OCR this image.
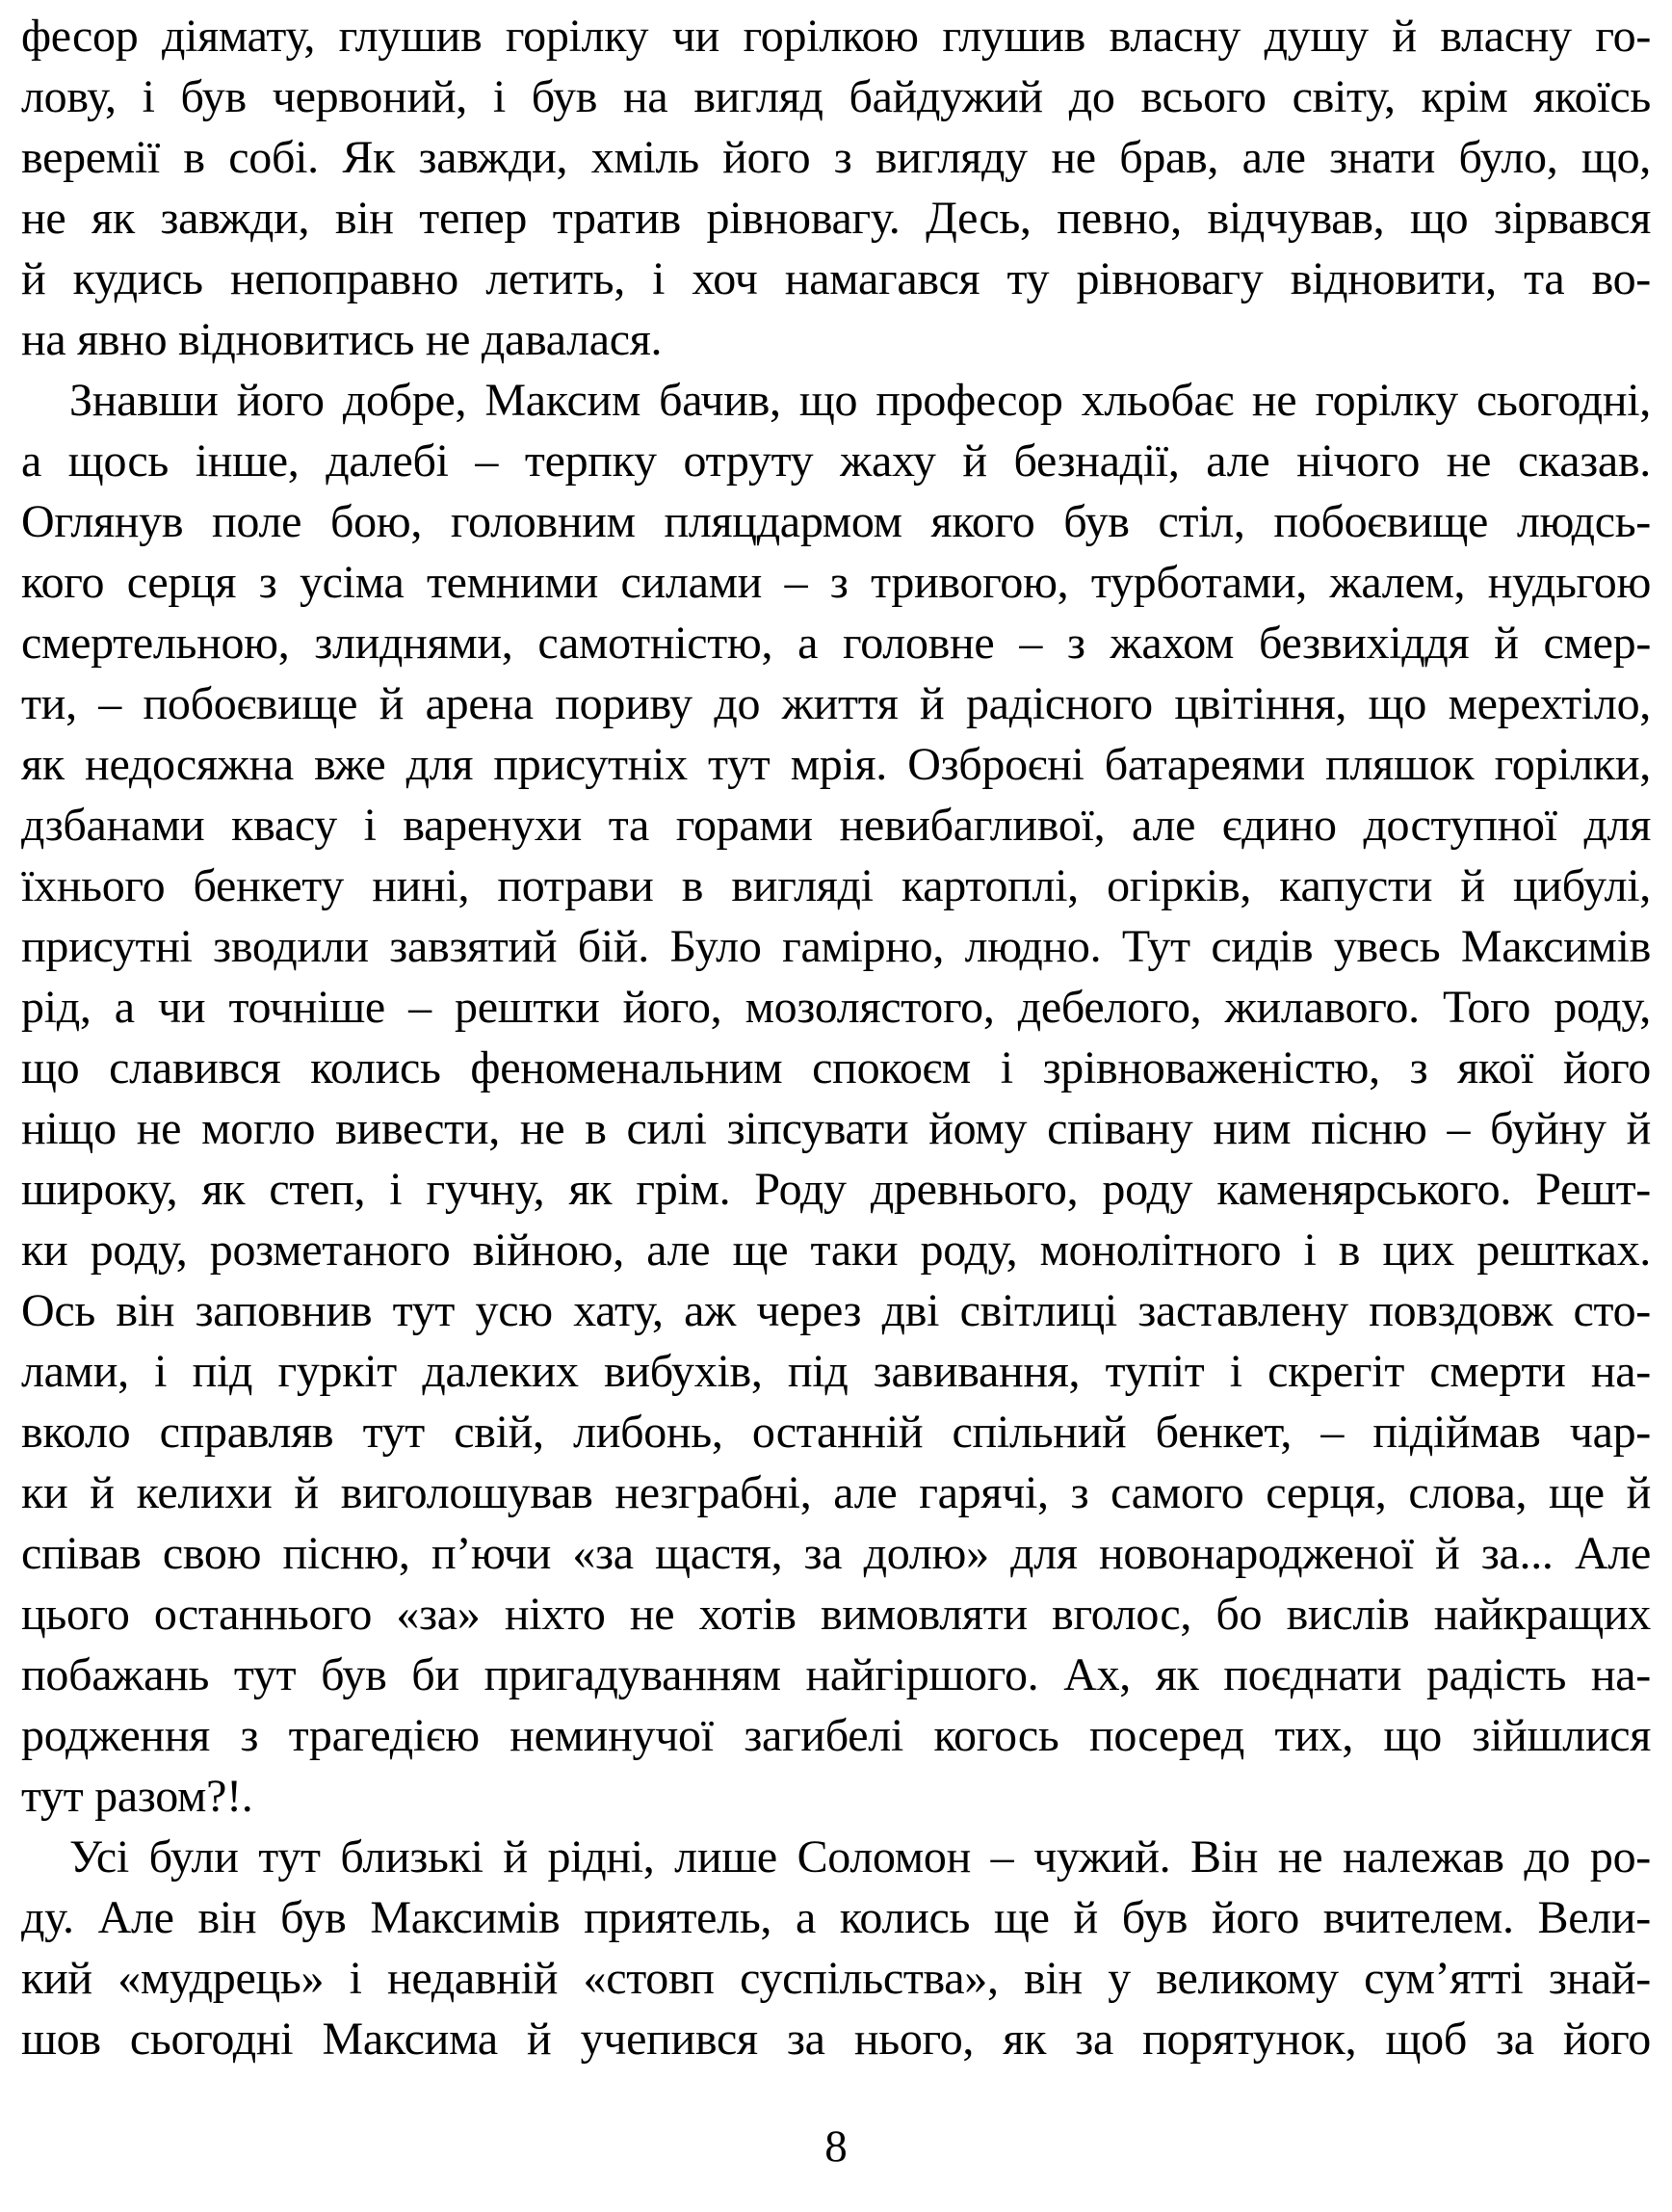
фесор діямату, глушив горілку чи горілкою глушив власну душу й власну го-
лову, і був червоний, і був на вигляд байдужий до всього світу, крім якоїсь
веремії в собі. Як завжди, хміль його з вигляду не брав, але знати було, що,
не як завжди, він тепер тратив рівновагу. Десь, певно, відчував, що зірвався
й кудись непоправно летить, і хоч намагався ту рівновагу відновити, та во-
на явно відновитись не давалася.

Знавши його добре, Максим бачив, що професор хльобає не горілку сьогодні,
а щось інше, далебі – терпку отруту жаху й безнадії, але нічого не сказав.
Оглянув поле бою, головним пляцдармом якого був стіл, побоєвище людсь-
кого серця з усіма темними силами – з тривогою, турботами, жалем, нудьгою
смертельною, злиднями, самотністю, а головне – з жахом безвихіддя й смер-
ти, – побоєвище й арена пориву до життя й радісного цвітіння, що мерехтіло,
як недосяжна вже для присутніх тут мрія. Озброєні батареями пляшок горілки,
дзбанами квасу і варенухи та горами невибагливої, але єдино доступної для
їхнього бенкету нині, потрави в вигляді картоплі, огірків, капусти й цибулі,
присутні зводили завзятий бій. Було гамірно, людно. Тут сидів увесь Максимів
рід, а чи точніше – рештки його, мозолястого, дебелого, жилавого. Того роду,
що славився колись феноменальним спокоєм і зрівноваженістю, з якої його
ніщо не могло вивести, не в силі зіпсувати йому співану ним пісню – буйну й
широку, як степ, і гучну, як грім. Роду древнього, роду каменярського. Решт-
ки роду, розметаного війною, але ще таки роду, монолітного і в цих рештках.
Ось він заповнив тут усю хату, аж через дві світлиці заставлену повздовж сто-
лами, і під гуркіт далеких вибухів, під завивання, тупіт і скрегіт смерти на-
вколо справляв тут свій, либонь, останній спільний бенкет, – підіймав чар-
ки й келихи й виголошував незграбні, але гарячі, з самого серця, слова, ще й
співав свою пісню, п’ючи «за щастя, за долю» для новонародженої й за... Але
цього останнього «за» ніхто не хотів вимовляти вголос, бо вислів найкращих
побажань тут був би пригадуванням найгіршого. Ах, як поєднати радість на-
родження з трагедією неминучої загибелі когось посеред тих, що зійшлися
тут разом?!.

Усі були тут близькі й рідні, лише Соломон – чужий. Він не належав до ро-
ду. Але він був Максимів приятель, а колись ще й був його вчителем. Вели-
кий «мудрець» і недавній «стовп суспільства», він у великому сум’ятті знай-
шов сьогодні Максима й учепився за нього, як за порятунок, щоб за його

8
